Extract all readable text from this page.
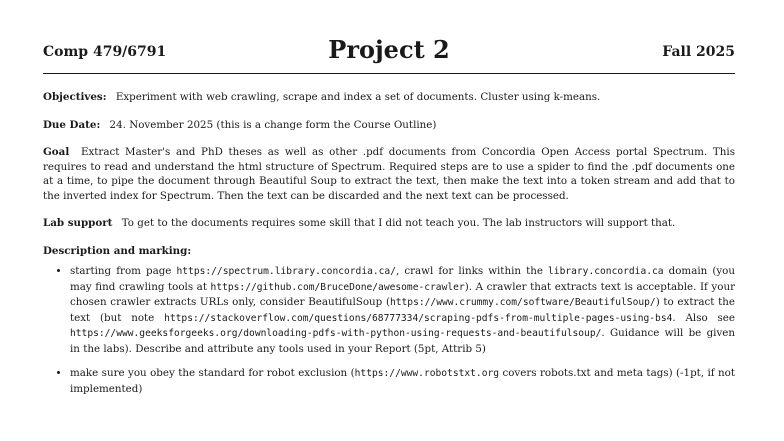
Comp 479/6791	Project 2	Fall 2025

Objectives: Experiment with web crawling, scrape and index a set of documents. Cluster using k-means.

Due Date: 24. November 2025 (this is a change form the Course Outline)

Goal Extract Master's and PhD theses as well as other .pdf documents from Concordia Open Access portal Spectrum. This requires to read and understand the html structure of Spectrum. Required steps are to use a spider to find the .pdf documents one at a time, to pipe the document through Beautiful Soup to extract the text, then make the text into a token stream and add that to the inverted index for Spectrum. Then the text can be discarded and the next text can be processed.

Lab support To get to the documents requires some skill that I did not teach you. The lab instructors will support that.

Description and marking:

• starting from page https://spectrum.library.concordia.ca/, crawl for links within the library.concordia.ca domain (you may find crawling tools at https://github.com/BruceDone/awesome-crawler). A crawler that extracts text is acceptable. If your chosen crawler extracts URLs only, consider BeautifulSoup (https://www.crummy.com/software/BeautifulSoup/) to extract the text (but note https://stackoverflow.com/questions/68777334/scraping-pdfs-from-multiple-pages-using-bs4. Also see https://www.geeksforgeeks.org/downloading-pdfs-with-python-using-requests-and-beautifulsoup/. Guidance will be given in the labs). Describe and attribute any tools used in your Report (5pt, Attrib 5)
• make sure you obey the standard for robot exclusion (https://www.robotstxt.org covers robots.txt and meta tags) (-1pt, if not implemented)
